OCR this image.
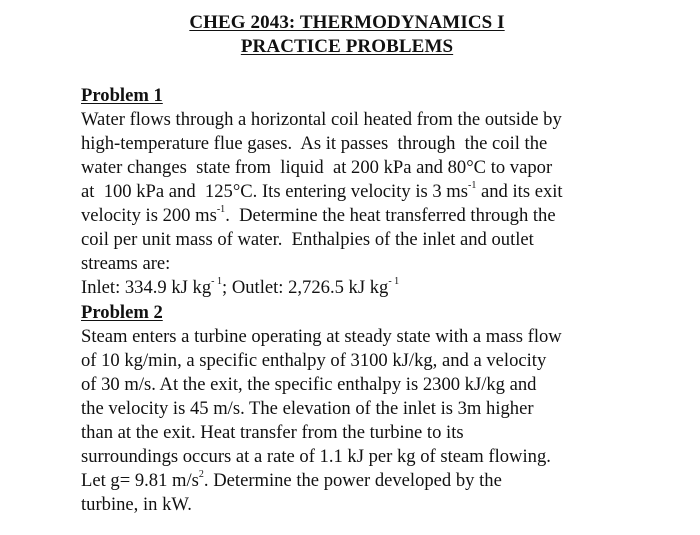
CHEG 2043: THERMODYNAMICS I
PRACTICE PROBLEMS
Problem 1
Water flows through a horizontal coil heated from the outside by
high-temperature flue gases.  As it passes  through  the coil the
water changes  state from  liquid  at 200 kPa and 80°C to vapor
at  100 kPa and  125°C. Its entering velocity is 3 $ms^{-1}$ and its exit
velocity is 200 $ms^{-1}$.  Determine the heat transferred through the
coil per unit mass of water.  Enthalpies of the inlet and outlet
streams are:
Inlet: 334.9 kJ $kg^{- 1}$; Outlet: 2,726.5 kJ $kg^{- 1}$
Problem 2
Steam enters a turbine operating at steady state with a mass flow
of 10 kg/min, a specific enthalpy of 3100 kJ/kg, and a velocity
of 30 m/s. At the exit, the specific enthalpy is 2300 kJ/kg and
the velocity is 45 m/s. The elevation of the inlet is 3m higher
than at the exit. Heat transfer from the turbine to its
surroundings occurs at a rate of 1.1 kJ per kg of steam flowing.
Let g= 9.81 $m/s^2$. Determine the power developed by the
turbine, in kW.
